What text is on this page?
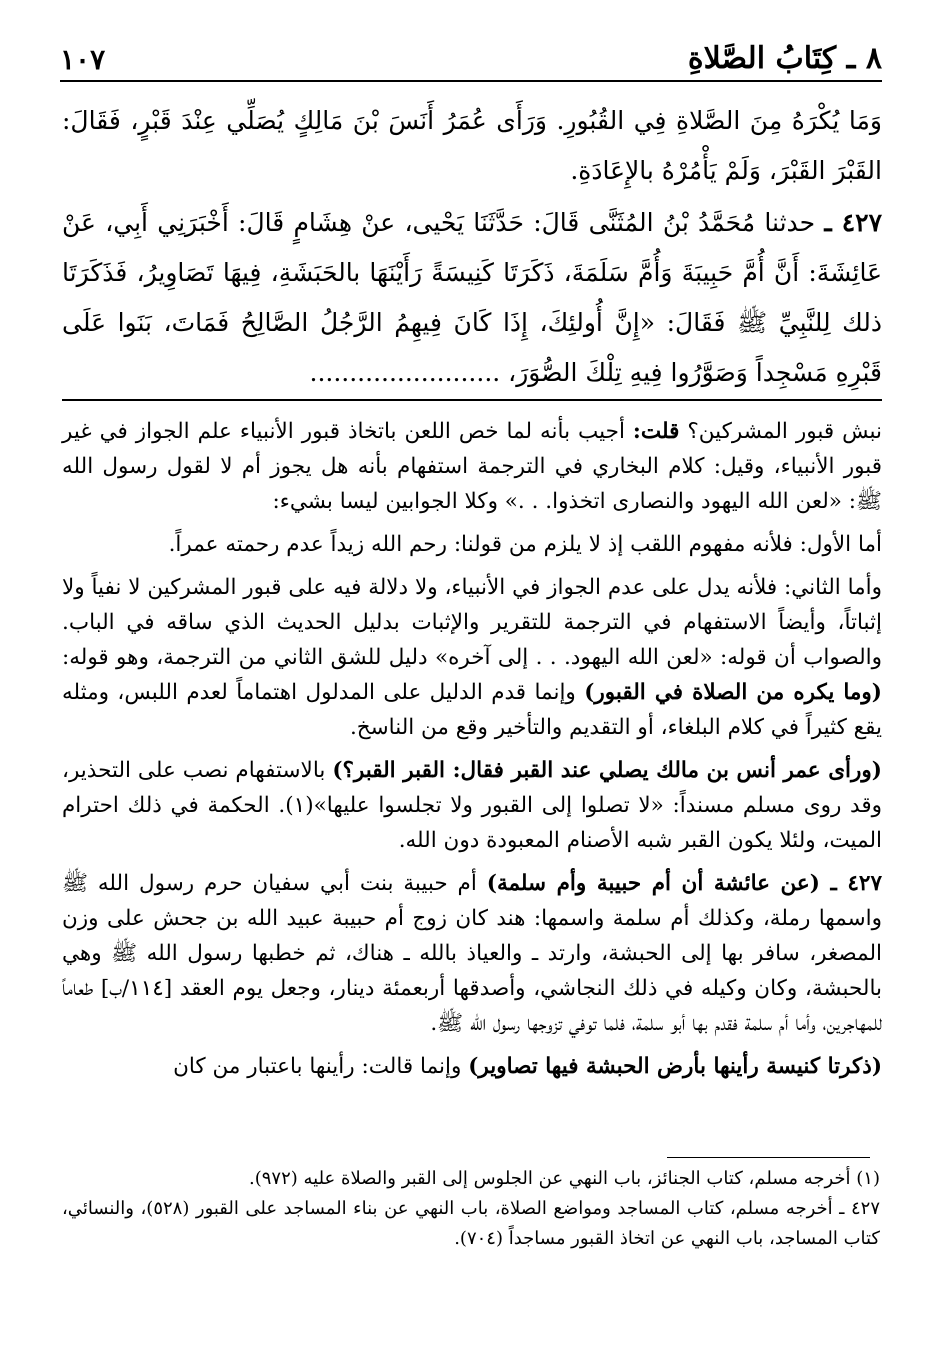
٨ ـ كِتَابُ الصَّلاةِ
١٠٧

وَمَا يُكْرَهُ مِنَ الصَّلاةِ فِي القُبُورِ. وَرَأَى عُمَرُ أَنَسَ بْنَ مَالِكٍ يُصَلِّي عِنْدَ قَبْرٍ، فَقَالَ: القَبْرَ القَبْرَ، وَلَمْ يَأْمُرْهُ بالإِعَادَةِ.

٤٢٧ ـ حدثنا مُحَمَّدُ بْنُ المُثَنَّى قَالَ: حَدَّثَنَا يَحْيى، عنْ هِشَامٍ قَالَ: أَخْبَرَنِي أَبِي، عَنْ عَائِشَةَ: أَنَّ أُمَّ حَبِيبَةَ وَأُمَّ سَلَمَةَ، ذَكَرَتَا كَنِيسَةً رَأَيْنَهَا بالحَبَشَةِ، فِيهَا تَصَاوِيرُ، فَذَكَرَتَا ذلك لِلنَّبِيِّ ﷺ فَقَالَ: «إِنَّ أُولئِكَ، إِذَا كَانَ فِيهِمُ الرَّجُلُ الصَّالِحُ فَمَاتَ، بَنَوا عَلَى قَبْرِهِ مَسْجِداً وَصَوَّرُوا فِيهِ تِلْكَ الصُّوَرَ، ........................

نبش قبور المشركين؟ قلت: أجيب بأنه لما خص اللعن باتخاذ قبور الأنبياء علم الجواز في غير قبور الأنبياء، وقيل: كلام البخاري في الترجمة استفهام بأنه هل يجوز أم لا لقول رسول الله ﷺ: «لعن الله اليهود والنصارى اتخذوا. . .» وكلا الجوابين ليسا بشيء:

أما الأول: فلأنه مفهوم اللقب إذ لا يلزم من قولنا: رحم الله زيداً عدم رحمته عمراً.

وأما الثاني: فلأنه يدل على عدم الجواز في الأنبياء، ولا دلالة فيه على قبور المشركين لا نفياً ولا إثباتاً، وأيضاً الاستفهام في الترجمة للتقرير والإثبات بدليل الحديث الذي ساقه في الباب. والصواب أن قوله: «لعن الله اليهود. . . إلى آخره» دليل للشق الثاني من الترجمة، وهو قوله: (وما يكره من الصلاة في القبور) وإنما قدم الدليل على المدلول اهتماماً لعدم اللبس، ومثله يقع كثيراً في كلام البلغاء، أو التقديم والتأخير وقع من الناسخ.

(ورأى عمر أنس بن مالك يصلي عند القبر فقال: القبر القبر؟) بالاستفهام نصب على التحذير، وقد روى مسلم مسنداً: «لا تصلوا إلى القبور ولا تجلسوا عليها»(١). الحكمة في ذلك احترام الميت، ولئلا يكون القبر شبه الأصنام المعبودة دون الله.

٤٢٧ ـ (عن عائشة أن أم حبيبة وأم سلمة) أم حبيبة بنت أبي سفيان حرم رسول الله ﷺ واسمها رملة، وكذلك أم سلمة واسمها: هند كان زوج أم حبيبة عبيد الله بن جحش على وزن المصغر، سافر بها إلى الحبشة، وارتد ـ والعياذ بالله ـ هناك، ثم خطبها رسول الله ﷺ وهي بالحبشة، وكان وكيله في ذلك النجاشي، وأصدقها أربعمئة دينار، وجعل يوم العقد [١١٤/ب] طعاماً للمهاجرين، وأما أم سلمة فقدم بها أبو سلمة، فلما توفي تزوجها رسول الله ﷺ.

(ذكرتا كنيسة رأينها بأرض الحبشة فيها تصاوير) وإنما قالت: رأينها باعتبار من كان

(١) أخرجه مسلم، كتاب الجنائز، باب النهي عن الجلوس إلى القبر والصلاة عليه (٩٧٢).

٤٢٧ ـ أخرجه مسلم، كتاب المساجد ومواضع الصلاة، باب النهي عن بناء المساجد على القبور (٥٢٨)، والنسائي، كتاب المساجد، باب النهي عن اتخاذ القبور مساجداً (٧٠٤).
